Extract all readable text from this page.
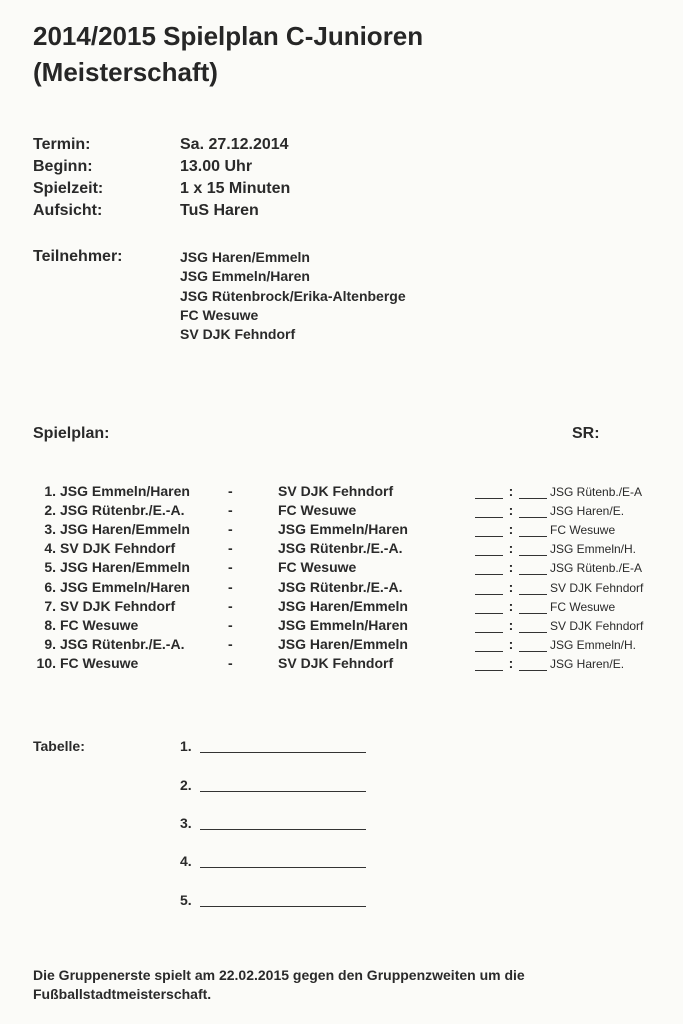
2014/2015 Spielplan C-Junioren
(Meisterschaft)
Termin:	Sa. 27.12.2014
Beginn:	13.00 Uhr
Spielzeit:	1 x 15 Minuten
Aufsicht:	TuS Haren
Teilnehmer:	JSG Haren/Emmeln
JSG Emmeln/Haren
JSG Rütenbrock/Erika-Altenberge
FC Wesuwe
SV DJK Fehndorf
Spielplan:	SR:
1. JSG Emmeln/Haren	-	SV DJK Fehndorf	:	JSG Rütenb./E-A
2. JSG Rütenbr./E.-A.	-	FC Wesuwe	:	JSG Haren/E.
3. JSG Haren/Emmeln	-	JSG Emmeln/Haren	:	FC Wesuwe
4. SV DJK Fehndorf	-	JSG Rütenbr./E.-A.	:	JSG Emmeln/H.
5. JSG Haren/Emmeln	-	FC Wesuwe	:	JSG Rütenb./E-A
6. JSG Emmeln/Haren	-	JSG Rütenbr./E.-A.	:	SV DJK Fehndorf
7. SV DJK Fehndorf	-	JSG Haren/Emmeln	:	FC Wesuwe
8. FC Wesuwe	-	JSG Emmeln/Haren	:	SV DJK Fehndorf
9. JSG Rütenbr./E.-A.	-	JSG Haren/Emmeln	:	JSG Emmeln/H.
10. FC Wesuwe	-	SV DJK Fehndorf	:	JSG Haren/E.
Tabelle:	1.
2.
3.
4.
5.
Die Gruppenerste spielt am 22.02.2015 gegen den Gruppenzweiten um die Fußballstadtmeisterschaft.
